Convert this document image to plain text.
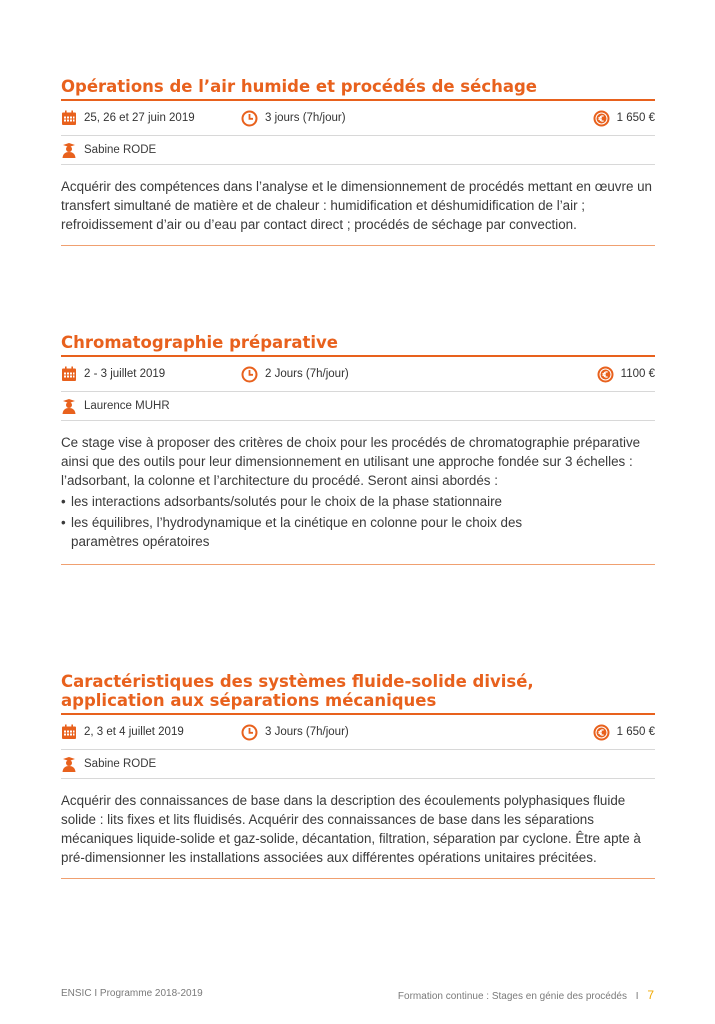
Opérations de l’air humide et procédés de séchage
25, 26 et 27 juin 2019	3 jours (7h/jour)	1 650 €
Sabine RODE

Acquérir des compétences dans l’analyse et le dimensionnement de procédés mettant en œuvre un transfert simultané de matière et de chaleur : humidification et déshumidification de l’air ; refroidissement d’air ou d’eau par contact direct ; procédés de séchage par convection.

Chromatographie préparative
2 - 3 juillet 2019	2 Jours (7h/jour)	1100 €
Laurence MUHR

Ce stage vise à proposer des critères de choix pour les procédés de chromatographie préparative ainsi que des outils pour leur dimensionnement en utilisant une approche fondée sur 3 échelles : l’adsorbant, la colonne et l’architecture du procédé. Seront ainsi abordés :

• les interactions adsorbants/solutés pour le choix de la phase stationnaire
• les équilibres, l’hydrodynamique et la cinétique en colonne pour le choix des paramètres opératoires
Caractéristiques des systèmes fluide-solide divisé,
application aux séparations mécaniques
2, 3 et 4 juillet 2019	3 Jours (7h/jour)	1 650 €
Sabine RODE

Acquérir des connaissances de base dans la description des écoulements polyphasiques fluide solide : lits fixes et lits fluidisés. Acquérir des connaissances de base dans les séparations mécaniques liquide-solide et gaz-solide, décantation, filtration, séparation par cyclone. Être apte à pré-dimensionner les installations associées aux différentes opérations unitaires précitées.

ENSIC I Programme 2018-2019	Formation continue : Stages en génie des procédés I 7
